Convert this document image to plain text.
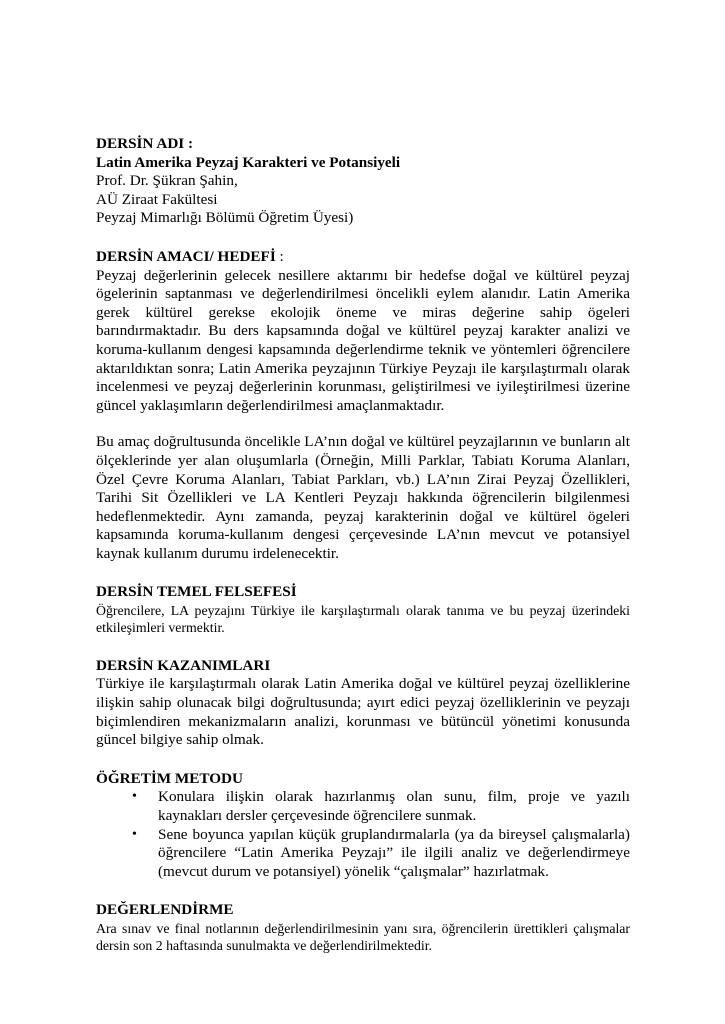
DERSİN ADI :

Latin Amerika Peyzaj Karakteri ve Potansiyeli

Prof. Dr. Şükran Şahin,

AÜ Ziraat Fakültesi

Peyzaj Mimarlığı Bölümü Öğretim Üyesi)

DERSİN AMACI/ HEDEFİ :

Peyzaj değerlerinin gelecek nesillere aktarımı bir hedefse doğal ve kültürel peyzaj ögelerinin saptanması ve değerlendirilmesi öncelikli eylem alanıdır. Latin Amerika gerek kültürel gerekse ekolojik öneme ve miras değerine sahip ögeleri barındırmaktadır. Bu ders kapsamında doğal ve kültürel peyzaj karakter analizi ve koruma-kullanım dengesi kapsamında değerlendirme teknik ve yöntemleri öğrencilere aktarıldıktan sonra; Latin Amerika peyzajının Türkiye Peyzajı ile karşılaştırmalı olarak incelenmesi ve peyzaj değerlerinin korunması, geliştirilmesi ve iyileştirilmesi üzerine güncel yaklaşımların değerlendirilmesi amaçlanmaktadır.

Bu amaç doğrultusunda öncelikle LA’nın doğal ve kültürel peyzajlarının ve bunların alt ölçeklerinde yer alan oluşumlarla (Örneğin, Milli Parklar, Tabiatı Koruma Alanları, Özel Çevre Koruma Alanları, Tabiat Parkları, vb.) LA’nın Zirai Peyzaj Özellikleri, Tarihi Sit Özellikleri ve LA Kentleri Peyzajı hakkında öğrencilerin bilgilenmesi hedeflenmektedir. Aynı zamanda, peyzaj karakterinin doğal ve kültürel ögeleri kapsamında koruma-kullanım dengesi çerçevesinde LA’nın mevcut ve potansiyel kaynak kullanım durumu irdelenecektir.

DERSİN TEMEL FELSEFESİ

Öğrencilere, LA peyzajını Türkiye ile karşılaştırmalı olarak tanıma ve bu peyzaj üzerindeki etkileşimleri vermektir.

DERSİN KAZANIMLARI

Türkiye ile karşılaştırmalı olarak Latin Amerika doğal ve kültürel peyzaj özelliklerine ilişkin sahip olunacak bilgi doğrultusunda; ayırt edici peyzaj özelliklerinin ve peyzajı biçimlendiren mekanizmaların analizi, korunması ve bütüncül yönetimi konusunda güncel bilgiye sahip olmak.

ÖĞRETİM METODU

• Konulara ilişkin olarak hazırlanmış olan sunu, film, proje ve yazılı kaynakları dersler çerçevesinde öğrencilere sunmak.
• Sene boyunca yapılan küçük gruplandırmalarla (ya da bireysel çalışmalarla) öğrencilere “Latin Amerika Peyzajı” ile ilgili analiz ve değerlendirmeye (mevcut durum ve potansiyel) yönelik “çalışmalar” hazırlatmak.

DEĞERLENDİRME

Ara sınav ve final notlarının değerlendirilmesinin yanı sıra, öğrencilerin ürettikleri çalışmalar dersin son 2 haftasında sunulmakta ve değerlendirilmektedir.
